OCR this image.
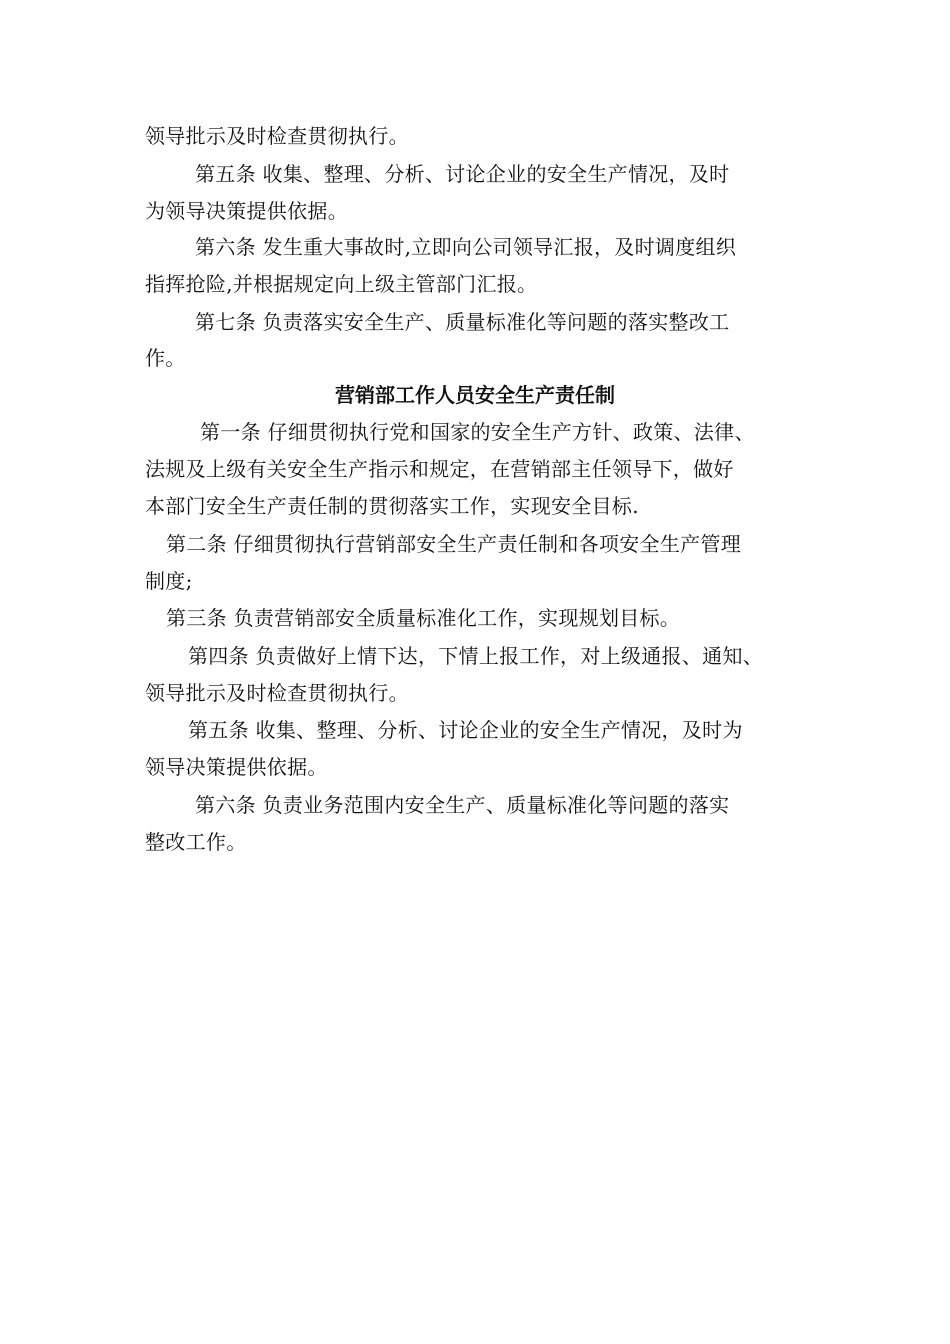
领导批示及时检查贯彻执行。
第五条 收集、整理、分析、讨论企业的安全生产情况，及时
为领导决策提供依据。
第六条 发生重大事故时,立即向公司领导汇报，及时调度组织
指挥抢险,并根据规定向上级主管部门汇报。
第七条 负责落实安全生产、质量标准化等问题的落实整改工
作。
营销部工作人员安全生产责任制
第一条 仔细贯彻执行党和国家的安全生产方针、政策、法律、
法规及上级有关安全生产指示和规定，在营销部主任领导下，做好
本部门安全生产责任制的贯彻落实工作，实现安全目标.
第二条 仔细贯彻执行营销部安全生产责任制和各项安全生产管理
制度;
第三条 负责营销部安全质量标准化工作，实现规划目标。
第四条 负责做好上情下达，下情上报工作，对上级通报、通知、
领导批示及时检查贯彻执行。
第五条 收集、整理、分析、讨论企业的安全生产情况，及时为
领导决策提供依据。
第六条 负责业务范围内安全生产、质量标准化等问题的落实
整改工作。
